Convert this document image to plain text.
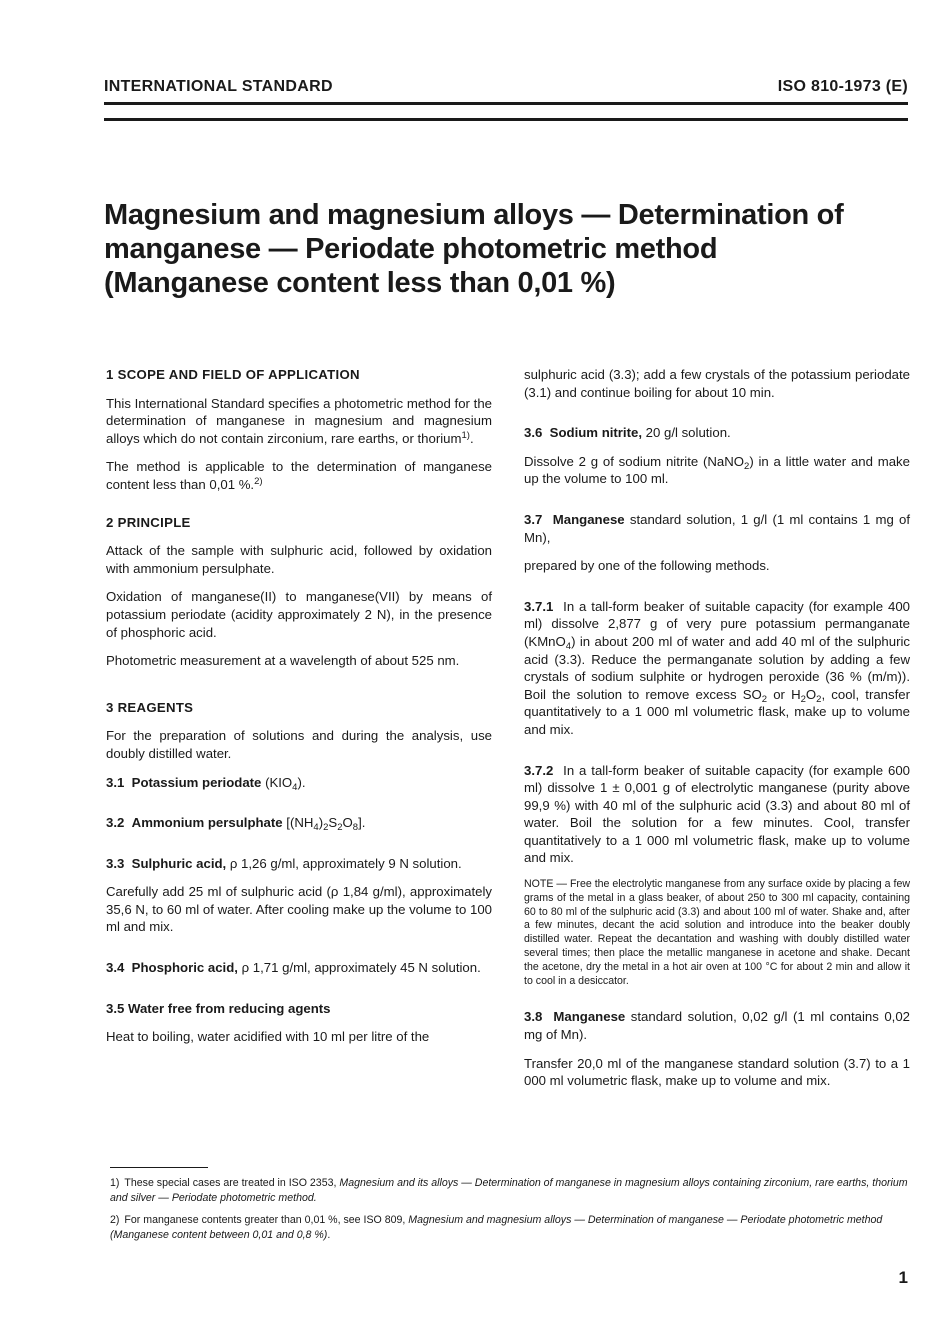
INTERNATIONAL STANDARD	ISO 810-1973 (E)
Magnesium and magnesium alloys — Determination of
manganese — Periodate photometric method
(Manganese content less than 0,01 %)
1 SCOPE AND FIELD OF APPLICATION

This International Standard specifies a photometric method for the determination of manganese in magnesium and magnesium alloys which do not contain zirconium, rare earths, or thorium$^{1)}$.

The method is applicable to the determination of manganese content less than 0,01 %.$^{2)}$

2 PRINCIPLE

Attack of the sample with sulphuric acid, followed by oxidation with ammonium persulphate.

Oxidation of manganese(II) to manganese(VII) by means of potassium periodate (acidity approximately 2 N), in the presence of phosphoric acid.

Photometric measurement at a wavelength of about 525 nm.

3 REAGENTS

For the preparation of solutions and during the analysis, use doubly distilled water.

3.1 Potassium periodate $(KIO_4)$.

3.2 Ammonium persulphate $[(NH_4)_2S_2O_8]$.

3.3 Sulphuric acid, ρ 1,26 g/ml, approximately 9 N solution.

Carefully add 25 ml of sulphuric acid (ρ 1,84 g/ml), approximately 35,6 N, to 60 ml of water. After cooling make up the volume to 100 ml and mix.

3.4 Phosphoric acid, ρ 1,71 g/ml, approximately 45 N solution.

3.5 Water free from reducing agents

Heat to boiling, water acidified with 10 ml per litre of the

sulphuric acid (3.3); add a few crystals of the potassium periodate (3.1) and continue boiling for about 10 min.

3.6 Sodium nitrite, 20 g/l solution.

Dissolve 2 g of sodium nitrite (NaNO$_2$) in a little water and make up the volume to 100 ml.

3.7 Manganese standard solution, 1 g/l (1 ml contains 1 mg of Mn),

prepared by one of the following methods.

3.7.1 In a tall-form beaker of suitable capacity (for example 400 ml) dissolve 2,877 g of very pure potassium permanganate (KMnO$_4$) in about 200 ml of water and add 40 ml of the sulphuric acid (3.3). Reduce the permanganate solution by adding a few crystals of sodium sulphite or hydrogen peroxide (36 % (m/m)). Boil the solution to remove excess $SO_2$ or $H_2O_2$, cool, transfer quantitatively to a 1 000 ml volumetric flask, make up to volume and mix.

3.7.2 In a tall-form beaker of suitable capacity (for example 600 ml) dissolve 1 ± 0,001 g of electrolytic manganese (purity above 99,9 %) with 40 ml of the sulphuric acid (3.3) and about 80 ml of water. Boil the solution for a few minutes. Cool, transfer quantitatively to a 1 000 ml volumetric flask, make up to volume and mix.

NOTE — Free the electrolytic manganese from any surface oxide by placing a few grams of the metal in a glass beaker, of about 250 to 300 ml capacity, containing 60 to 80 ml of the sulphuric acid (3.3) and about 100 ml of water. Shake and, after a few minutes, decant the acid solution and introduce into the beaker doubly distilled water. Repeat the decantation and washing with doubly distilled water several times; then place the metallic manganese in acetone and shake. Decant the acetone, dry the metal in a hot air oven at 100 °C for about 2 min and allow it to cool in a desiccator.

3.8 Manganese standard solution, 0,02 g/l (1 ml contains 0,02 mg of Mn).

Transfer 20,0 ml of the manganese standard solution (3.7) to a 1 000 ml volumetric flask, make up to volume and mix.

1) These special cases are treated in ISO 2353, Magnesium and its alloys — Determination of manganese in magnesium alloys containing zirconium, rare earths, thorium and silver — Periodate photometric method.

2) For manganese contents greater than 0,01 %, see ISO 809, Magnesium and magnesium alloys — Determination of manganese — Periodate photometric method (Manganese content between 0,01 and 0,8 %).

1
